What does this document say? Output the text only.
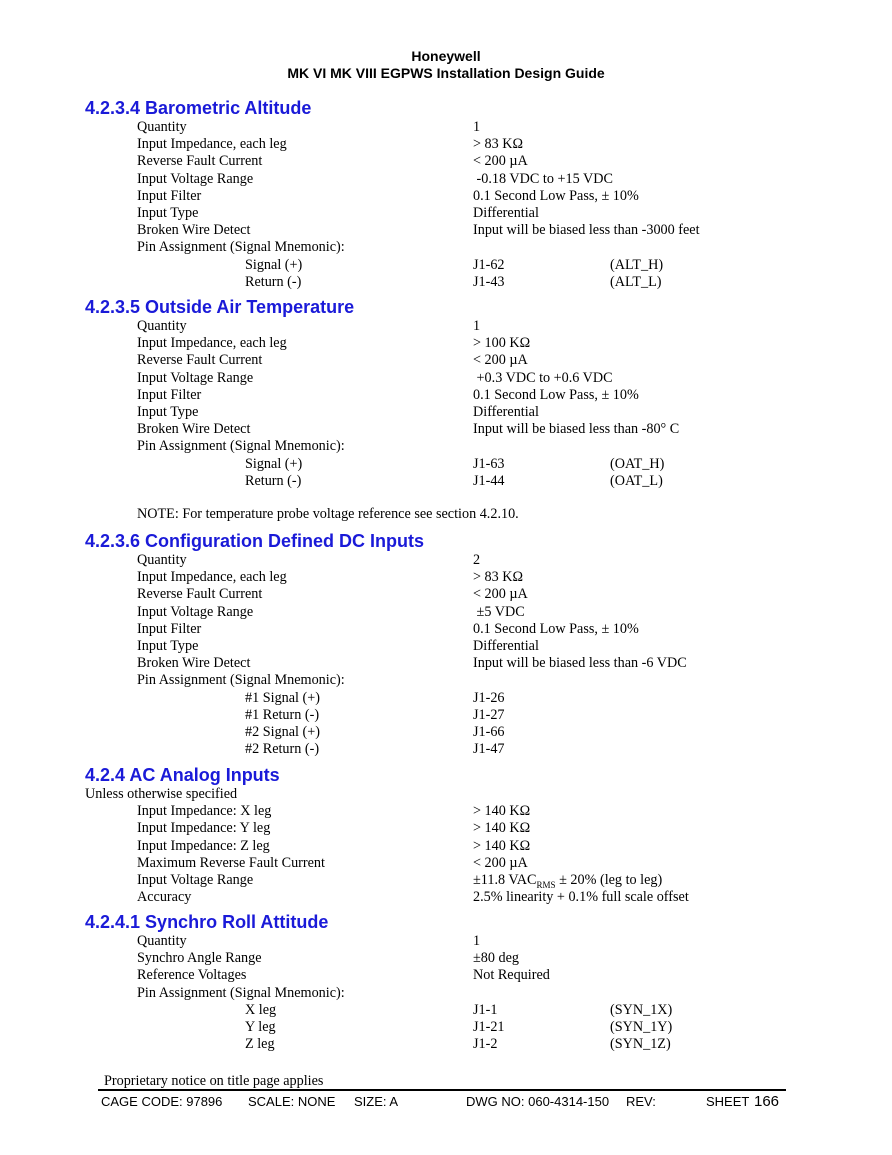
Honeywell
MK VI MK VIII EGPWS Installation Design Guide
4.2.3.4 Barometric Altitude
Quantity	1
Input Impedance, each leg	> 83 KΩ
Reverse Fault Current	< 200 µA
Input Voltage Range	-0.18 VDC to +15 VDC
Input Filter	0.1 Second Low Pass, ± 10%
Input Type	Differential
Broken Wire Detect	Input will be biased less than -3000 feet
Pin Assignment (Signal Mnemonic):
Signal (+)	J1-62	(ALT_H)
Return (-)	J1-43	(ALT_L)
4.2.3.5 Outside Air Temperature
Quantity	1
Input Impedance, each leg	> 100 KΩ
Reverse Fault Current	< 200 µA
Input Voltage Range	+0.3 VDC to +0.6 VDC
Input Filter	0.1 Second Low Pass, ± 10%
Input Type	Differential
Broken Wire Detect	Input will be biased less than -80° C
Pin Assignment (Signal Mnemonic):
Signal (+)	J1-63	(OAT_H)
Return (-)	J1-44	(OAT_L)
NOTE: For temperature probe voltage reference see section 4.2.10.
4.2.3.6 Configuration Defined DC Inputs
Quantity	2
Input Impedance, each leg	> 83 KΩ
Reverse Fault Current	< 200 µA
Input Voltage Range	±5 VDC
Input Filter	0.1 Second Low Pass, ± 10%
Input Type	Differential
Broken Wire Detect	Input will be biased less than -6 VDC
Pin Assignment (Signal Mnemonic):
#1 Signal (+)	J1-26
#1 Return (-)	J1-27
#2 Signal (+)	J1-66
#2 Return (-)	J1-47
4.2.4 AC Analog Inputs
Unless otherwise specified
Input Impedance: X leg	> 140 KΩ
Input Impedance: Y leg	> 140 KΩ
Input Impedance: Z leg	> 140 KΩ
Maximum Reverse Fault Current	< 200 µA
Input Voltage Range	±11.8 $VAC_{RMS} \pm 20\%$ (leg to leg)
Accuracy	2.5% linearity + 0.1% full scale offset
4.2.4.1 Synchro Roll Attitude
Quantity	1
Synchro Angle Range	±80 deg
Reference Voltages	Not Required
Pin Assignment (Signal Mnemonic):
X leg	J1-1	(SYN_1X)
Y leg	J1-21	(SYN_1Y)
Z leg	J1-2	(SYN_1Z)
Proprietary notice on title page applies
CAGE CODE: 97896 SCALE: NONE SIZE: A	DWG NO: 060-4314-150 REV:	SHEET 166
